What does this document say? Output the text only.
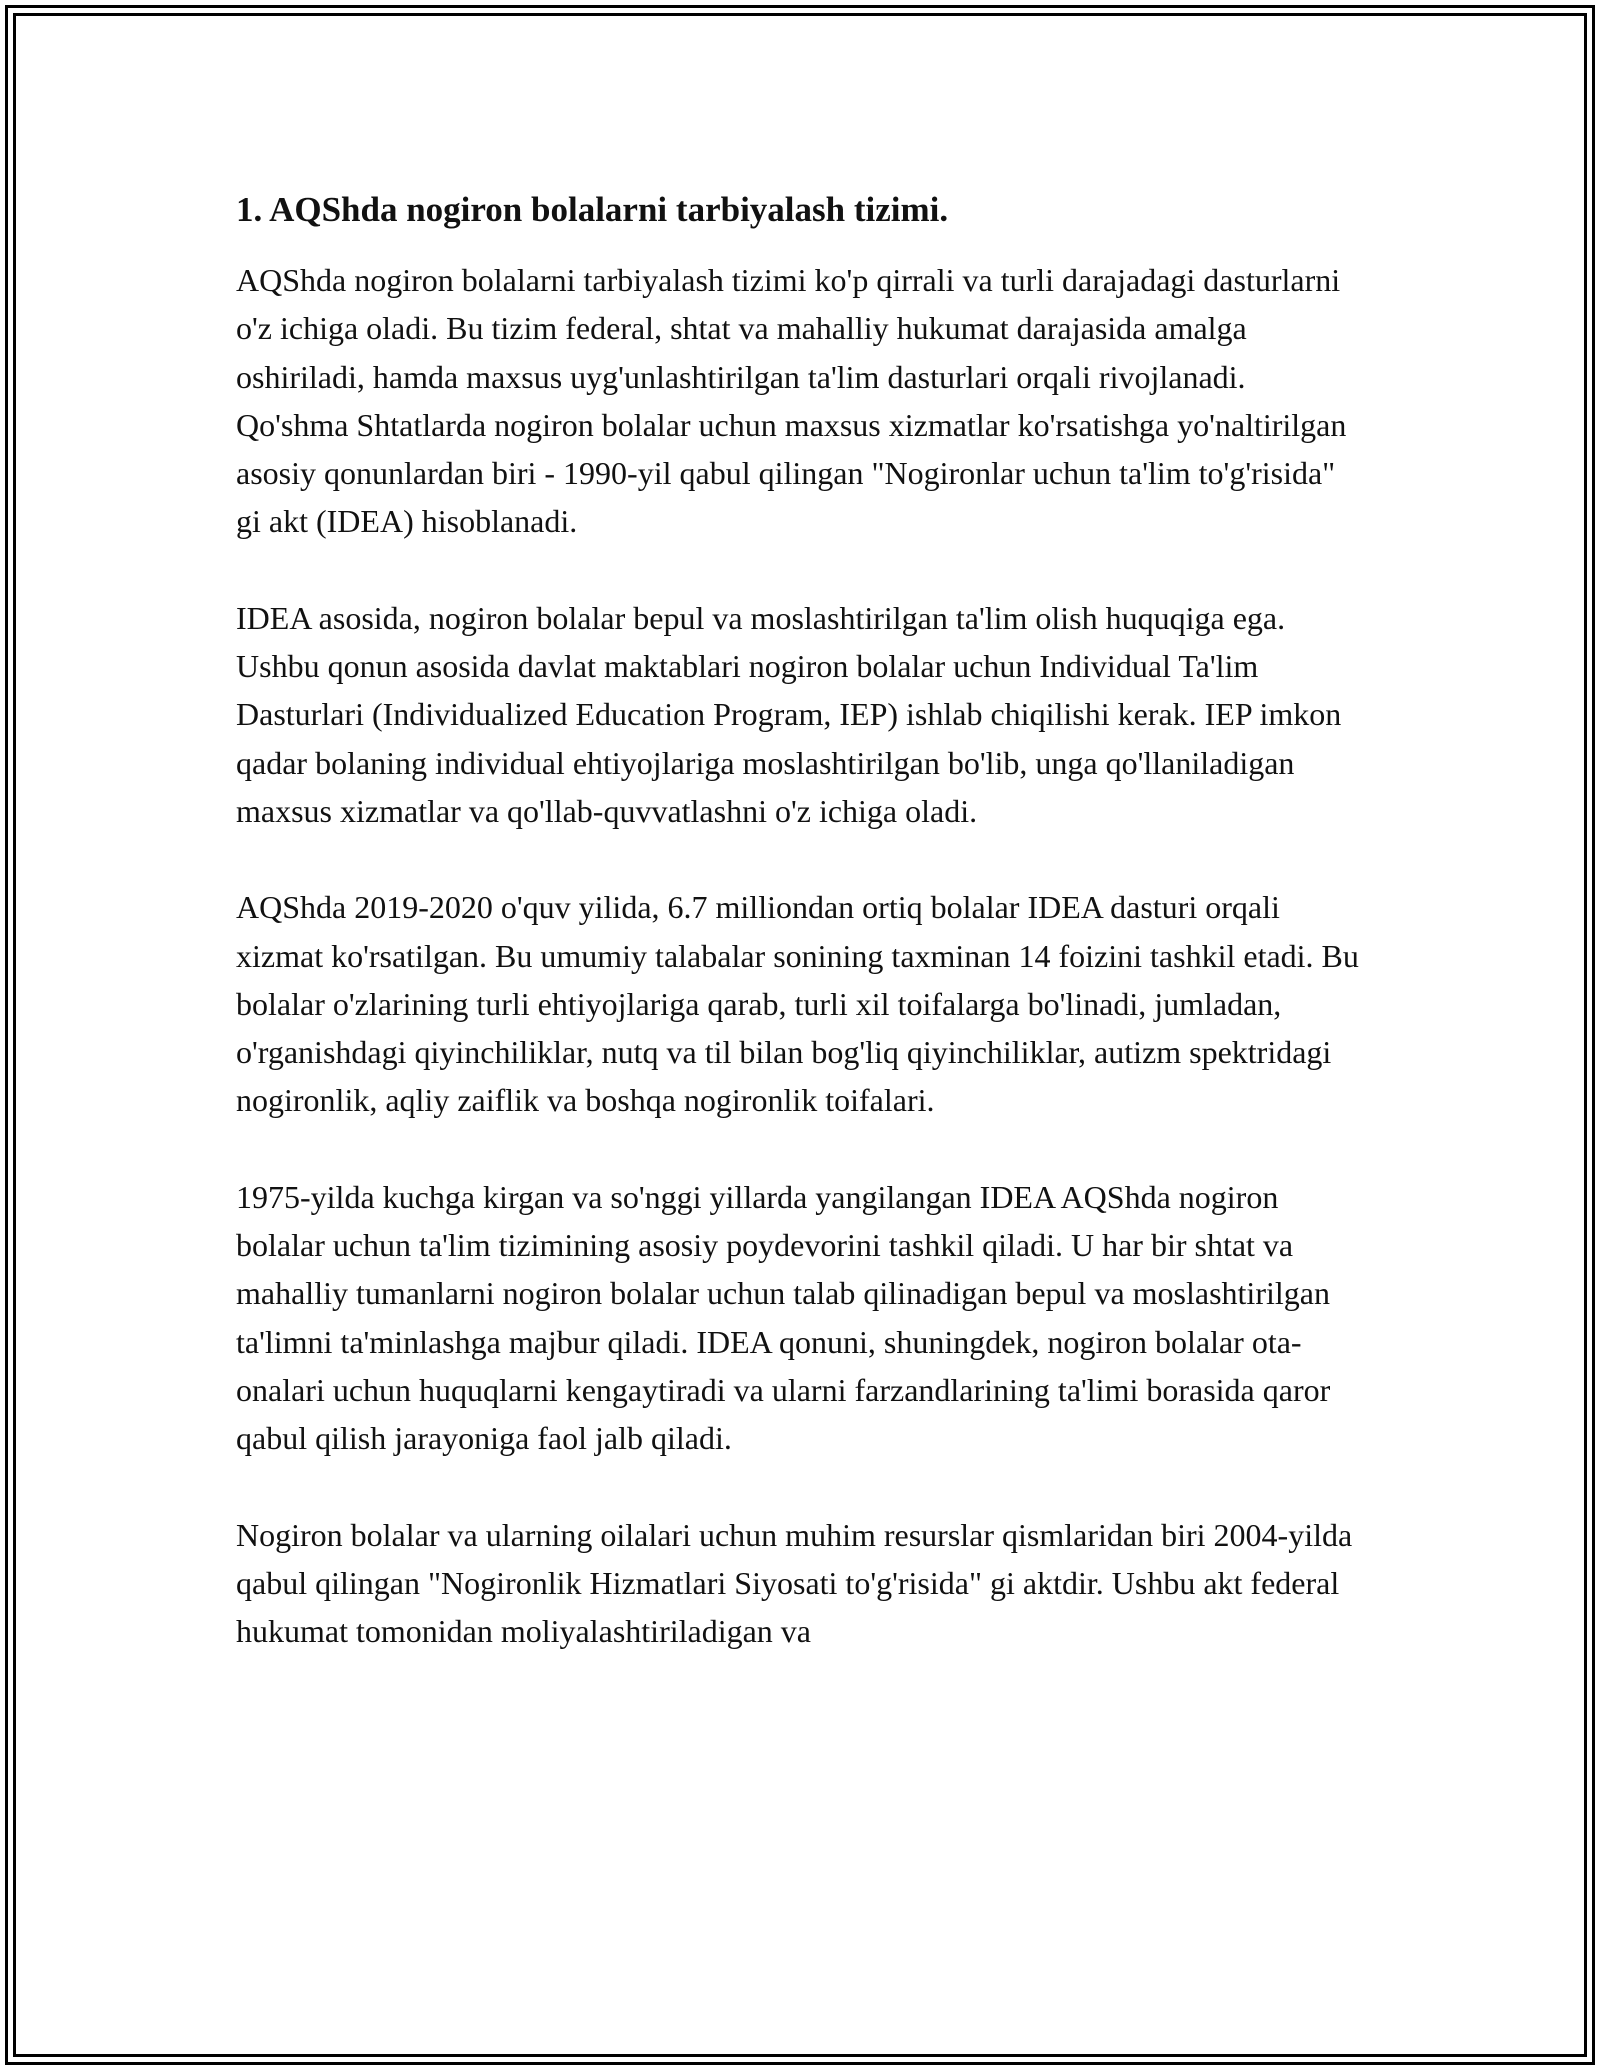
1. AQShda nogiron bolalarni tarbiyalash tizimi.

AQShda nogiron bolalarni tarbiyalash tizimi ko'p qirrali va turli darajadagi dasturlarni o'z ichiga oladi. Bu tizim federal, shtat va mahalliy hukumat darajasida amalga oshiriladi, hamda maxsus uyg'unlashtirilgan ta'lim dasturlari orqali rivojlanadi. Qo'shma Shtatlarda nogiron bolalar uchun maxsus xizmatlar ko'rsatishga yo'naltirilgan asosiy qonunlardan biri - 1990-yil qabul qilingan "Nogironlar uchun ta'lim to'g'risida" gi akt (IDEA) hisoblanadi.

IDEA asosida, nogiron bolalar bepul va moslashtirilgan ta'lim olish huquqiga ega. Ushbu qonun asosida davlat maktablari nogiron bolalar uchun Individual Ta'lim Dasturlari (Individualized Education Program, IEP) ishlab chiqilishi kerak. IEP imkon qadar bolaning individual ehtiyojlariga moslashtirilgan bo'lib, unga qo'llaniladigan maxsus xizmatlar va qo'llab-quvvatlashni o'z ichiga oladi.

AQShda 2019-2020 o'quv yilida, 6.7 milliondan ortiq bolalar IDEA dasturi orqali xizmat ko'rsatilgan. Bu umumiy talabalar sonining taxminan 14 foizini tashkil etadi. Bu bolalar o'zlarining turli ehtiyojlariga qarab, turli xil toifalarga bo'linadi, jumladan, o'rganishdagi qiyinchiliklar, nutq va til bilan bog'liq qiyinchiliklar, autizm spektridagi nogironlik, aqliy zaiflik va boshqa nogironlik toifalari.

1975-yilda kuchga kirgan va so'nggi yillarda yangilangan IDEA AQShda nogiron bolalar uchun ta'lim tizimining asosiy poydevorini tashkil qiladi. U har bir shtat va mahalliy tumanlarni nogiron bolalar uchun talab qilinadigan bepul va moslashtirilgan ta'limni ta'minlashga majbur qiladi. IDEA qonuni, shuningdek, nogiron bolalar ota-onalari uchun huquqlarni kengaytiradi va ularni farzandlarining ta'limi borasida qaror qabul qilish jarayoniga faol jalb qiladi.

Nogiron bolalar va ularning oilalari uchun muhim resurslar qismlaridan biri 2004-yilda qabul qilingan "Nogironlik Hizmatlari Siyosati to'g'risida" gi aktdir. Ushbu akt federal hukumat tomonidan moliyalashtiriladigan va
